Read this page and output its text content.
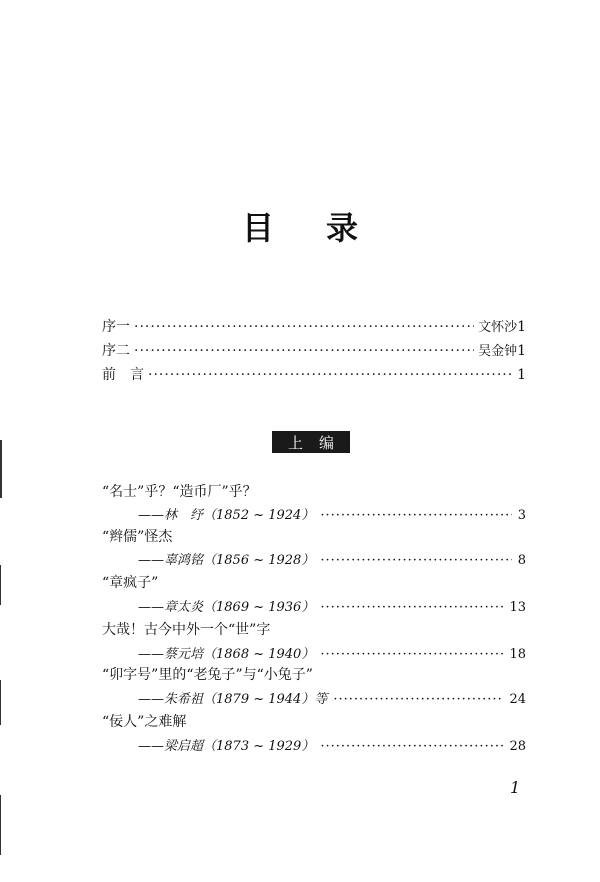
目 录
序一 ·····	文怀沙1
序二 ·····	吴金钟1
前　言 ·····	1
上 编
“名士”乎？“造币厂”乎？
——林　纾（1852 ~ 1924） ·····	3
“辫儒”怪杰
——辜鸿铭（1856 ~ 1928） ·····	8
“章疯子”
——章太炎（1869 ~ 1936） ·····	13
大哉！古今中外一个“世”字
——蔡元培（1868 ~ 1940） ·····	18
“卯字号”里的“老兔子”与“小兔子”
——朱希祖（1879 ~ 1944）等 ·····	24
“佞人”之难解
——梁启超（1873 ~ 1929） ·····	28
1
